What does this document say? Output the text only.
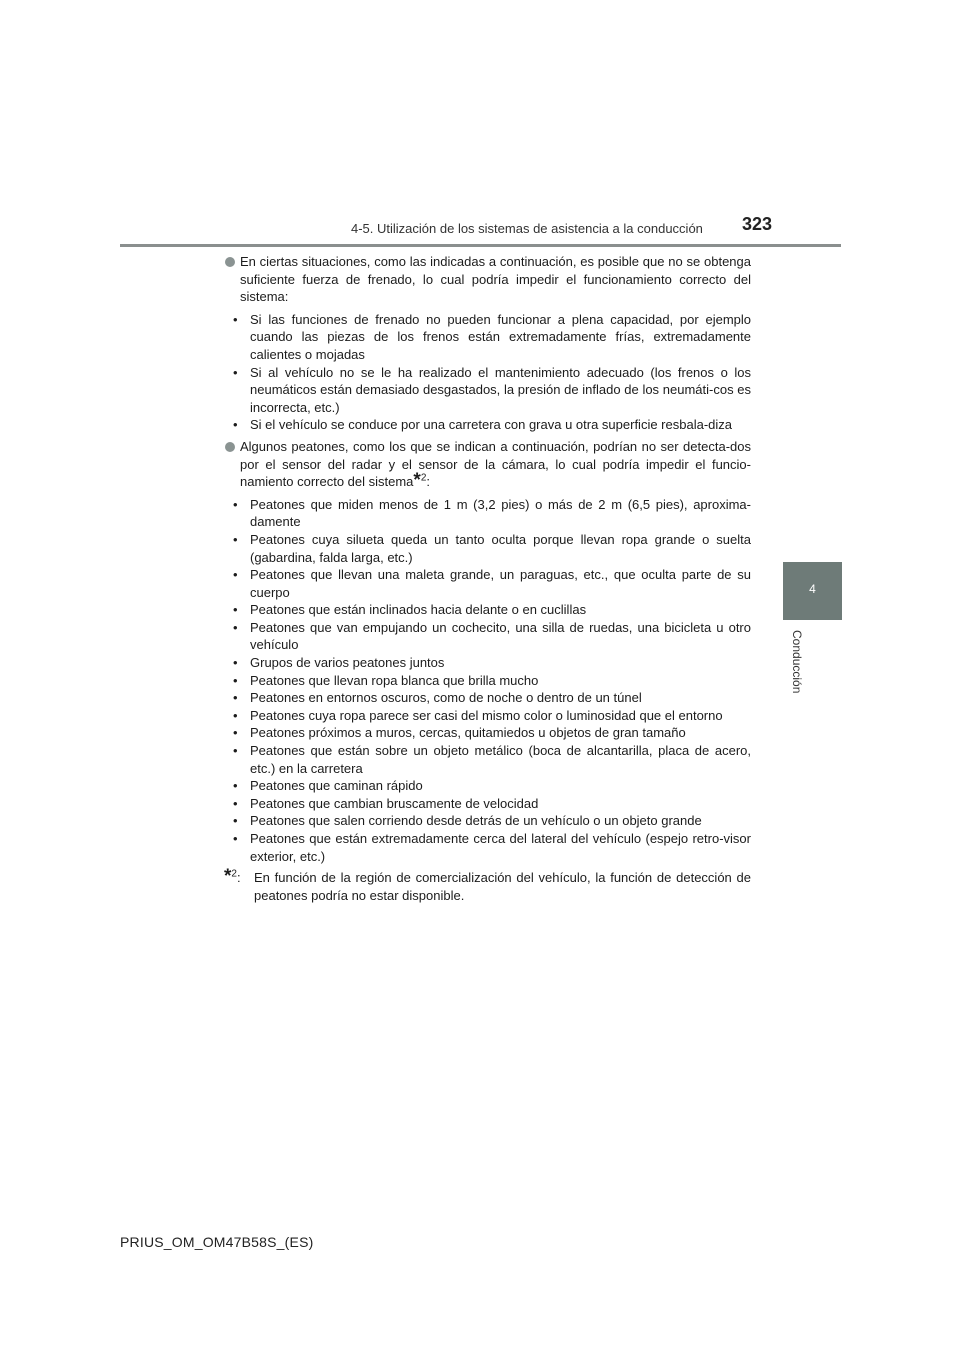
4-5. Utilización de los sistemas de asistencia a la conducción 323
4
Conducción
En ciertas situaciones, como las indicadas a continuación, es posible que no se obtenga suficiente fuerza de frenado, lo cual podría impedir el funcionamiento correcto del sistema:
• Si las funciones de frenado no pueden funcionar a plena capacidad, por ejemplo cuando las piezas de los frenos están extremadamente frías, extremadamente calientes o mojadas
• Si al vehículo no se le ha realizado el mantenimiento adecuado (los frenos o los neumáticos están demasiado desgastados, la presión de inflado de los neumáti-cos es incorrecta, etc.)
• Si el vehículo se conduce por una carretera con grava u otra superficie resbala-diza
Algunos peatones, como los que se indican a continuación, podrían no ser detecta-dos por el sensor del radar y el sensor de la cámara, lo cual podría impedir el funcio-namiento correcto del sistema*$^2$:
• Peatones que miden menos de 1 m (3,2 pies) o más de 2 m (6,5 pies), aproxima-damente
• Peatones cuya silueta queda un tanto oculta porque llevan ropa grande o suelta (gabardina, falda larga, etc.)
• Peatones que llevan una maleta grande, un paraguas, etc., que oculta parte de su cuerpo
• Peatones que están inclinados hacia delante o en cuclillas
• Peatones que van empujando un cochecito, una silla de ruedas, una bicicleta u otro vehículo
• Grupos de varios peatones juntos
• Peatones que llevan ropa blanca que brilla mucho
• Peatones en entornos oscuros, como de noche o dentro de un túnel
• Peatones cuya ropa parece ser casi del mismo color o luminosidad que el entorno
• Peatones próximos a muros, cercas, quitamiedos u objetos de gran tamaño
• Peatones que están sobre un objeto metálico (boca de alcantarilla, placa de acero, etc.) en la carretera
• Peatones que caminan rápido
• Peatones que cambian bruscamente de velocidad
• Peatones que salen corriendo desde detrás de un vehículo o un objeto grande
• Peatones que están extremadamente cerca del lateral del vehículo (espejo retro-visor exterior, etc.)
*$^2$: En función de la región de comercialización del vehículo, la función de detección de peatones podría no estar disponible.
PRIUS_OM_OM47B58S_(ES)
